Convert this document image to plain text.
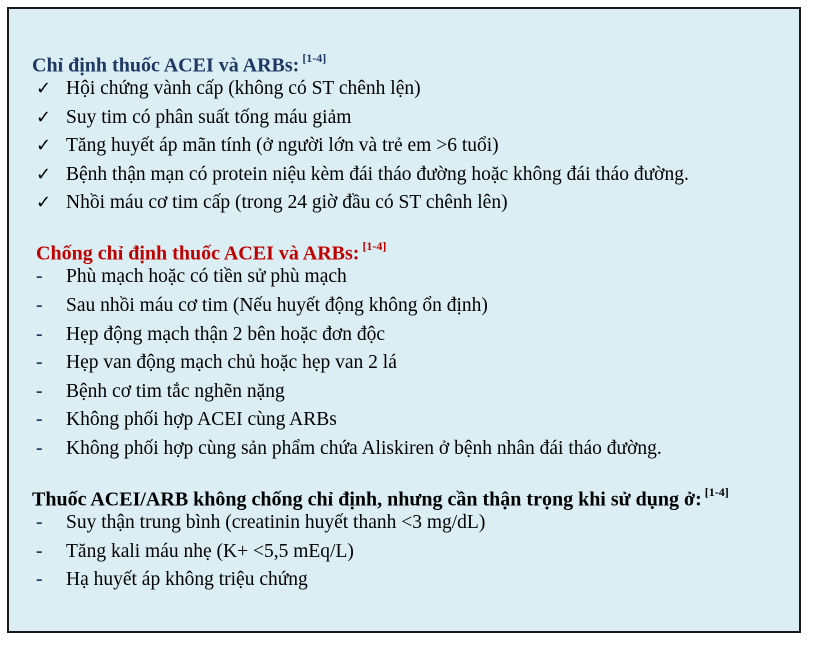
Chỉ định thuốc ACEI và ARBs: [1-4]
✓ Hội chứng vành cấp (không có ST chênh lện)
✓ Suy tim có phân suất tống máu giảm
✓ Tăng huyết áp mãn tính (ở người lớn và trẻ em >6 tuổi)
✓ Bệnh thận mạn có protein niệu kèm đái tháo đường hoặc không đái tháo đường.
✓ Nhồi máu cơ tim cấp (trong 24 giờ đầu có ST chênh lên)
Chống chỉ định thuốc ACEI và ARBs: [1-4]
-	Phù mạch hoặc có tiền sử phù mạch
-	Sau nhồi máu cơ tim (Nếu huyết động không ổn định)
-	Hẹp động mạch thận 2 bên hoặc đơn độc
-	Hẹp van động mạch chủ hoặc hẹp van 2 lá
-	Bệnh cơ tim tắc nghẽn nặng
-	Không phối hợp ACEI cùng ARBs
-	Không phối hợp cùng sản phẩm chứa Aliskiren ở bệnh nhân đái tháo đường.
Thuốc ACEI/ARB không chống chỉ định, nhưng cần thận trọng khi sử dụng ở: [1-4]
-	Suy thận trung bình (creatinin huyết thanh <3 mg/dL)
-	Tăng kali máu nhẹ (K+ <5,5 mEq/L)
-	Hạ huyết áp không triệu chứng
